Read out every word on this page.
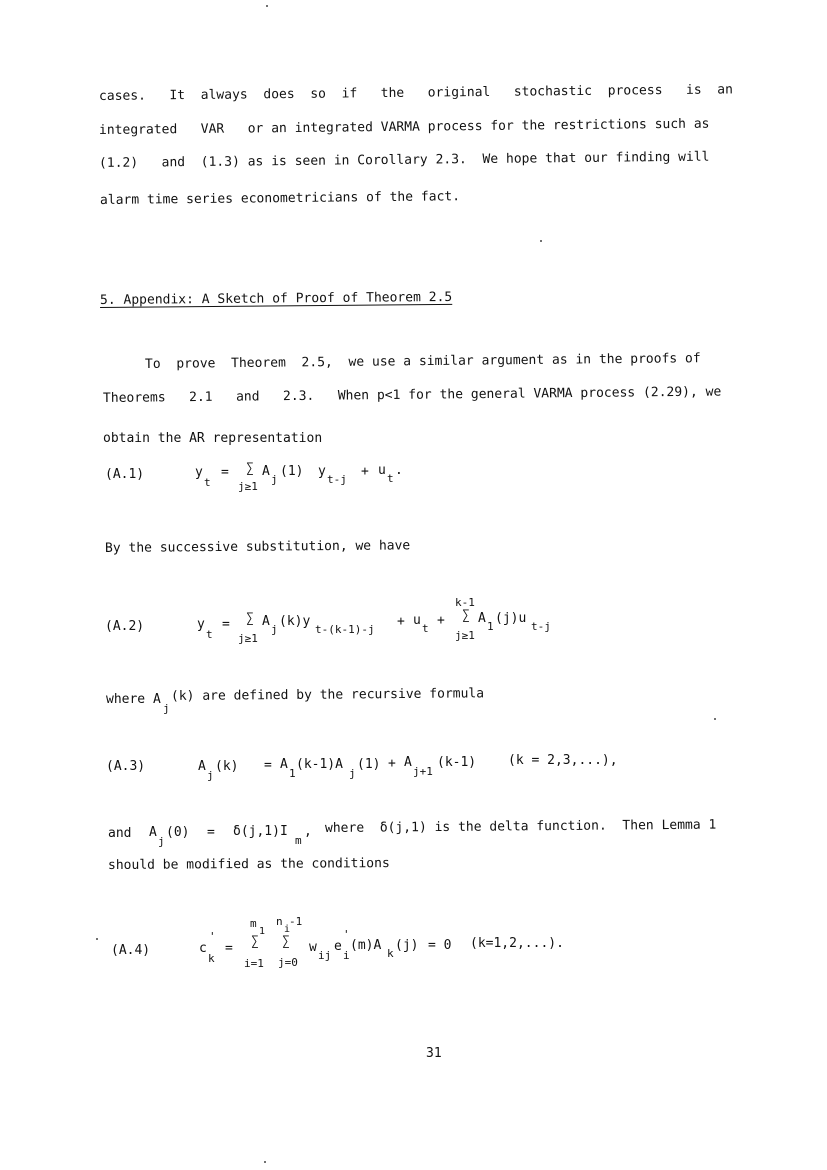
cases.   It  always  does  so  if   the   original   stochastic  process   is  an
integrated   VAR   or an integrated VARMA process for the restrictions such as
(1.2)   and  (1.3) as is seen in Corollary 2.3.  We hope that our finding will
alarm time series econometricians of the fact.
5. Appendix: A Sketch of Proof of Theorem 2.5
To  prove  Theorem  2.5,  we use a similar argument as in the proofs of
Theorems   2.1   and   2.3.   When p<1 for the general VARMA process (2.29), we
obtain the AR representation
(A.1)	y
t
= ∑
j≥1
A
j
(1) y
t-j
+ u
t
.
By the successive substitution, we have
(A.2)	y
t
= ∑
j≥1
A
j
(k)y
t-(k-1)-j
+ u
t
+
k-1
∑
j≥1
A
1
(j)u
t-j
where A
j
(k) are defined by the recursive formula
(A.3)	A
j
(k) = A
1
(k-1)A
j
(1) + A
j+1
(k-1) (k = 2,3,...),
and A
j
(0) = δ(j,1)I
m
, where  δ(j,1) is the delta function.  Then Lemma 1
should be modified as the conditions
(A.4)	c
'
k
=
m
1
∑
i=1
n
i
-1
∑
j=0
w
ij
e
'
i
(m)A
k
(j) = 0 (k=1,2,...).
31
